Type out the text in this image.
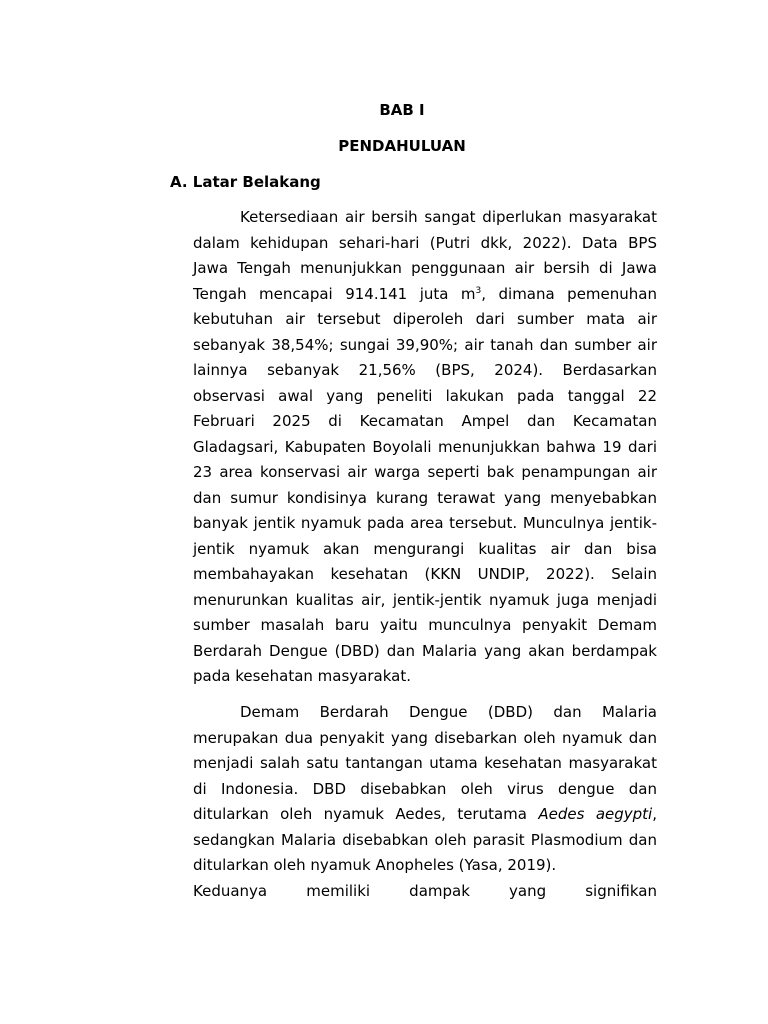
BAB I
PENDAHULUAN
A. Latar Belakang

Ketersediaan air bersih sangat diperlukan masyarakat dalam kehidupan sehari-hari (Putri dkk, 2022). Data BPS Jawa Tengah menunjukkan penggunaan air bersih di Jawa Tengah mencapai 914.141 juta $m^3$, dimana pemenuhan kebutuhan air tersebut diperoleh dari sumber mata air sebanyak 38,54%; sungai 39,90%; air tanah dan sumber air lainnya sebanyak 21,56% (BPS, 2024). Berdasarkan observasi awal yang peneliti lakukan pada tanggal 22 Februari 2025 di Kecamatan Ampel dan Kecamatan Gladagsari, Kabupaten Boyolali menunjukkan bahwa 19 dari 23 area konservasi air warga seperti bak penampungan air dan sumur kondisinya kurang terawat yang menyebabkan banyak jentik nyamuk pada area tersebut. Munculnya jentik-jentik nyamuk akan mengurangi kualitas air dan bisa membahayakan kesehatan (KKN UNDIP, 2022). Selain menurunkan kualitas air, jentik-jentik nyamuk juga menjadi sumber masalah baru yaitu munculnya penyakit Demam Berdarah Dengue (DBD) dan Malaria yang akan berdampak pada kesehatan masyarakat.

Demam Berdarah Dengue (DBD) dan Malaria merupakan dua penyakit yang disebarkan oleh nyamuk dan menjadi salah satu tantangan utama kesehatan masyarakat di Indonesia. DBD disebabkan oleh virus dengue dan ditularkan oleh nyamuk Aedes, terutama Aedes aegypti, sedangkan Malaria disebabkan oleh parasit Plasmodium dan ditularkan oleh nyamuk Anopheles (Yasa, 2019).
Keduanya memiliki dampak yang signifikan
